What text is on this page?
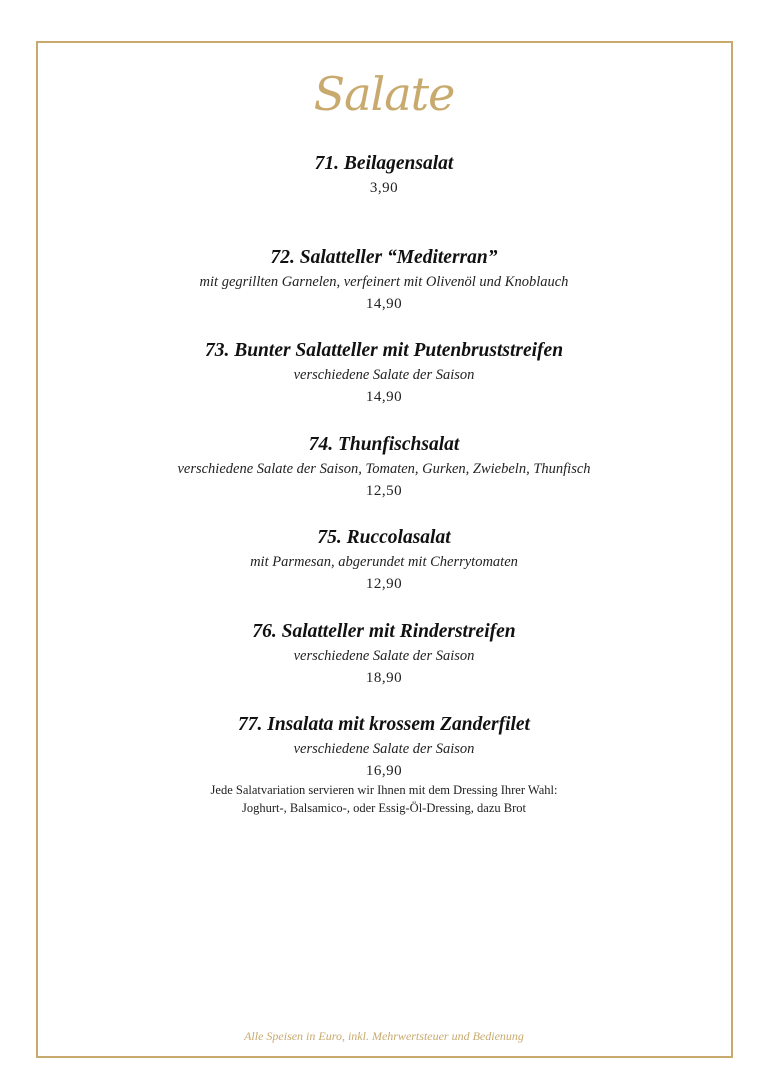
Salate
71. Beilagensalat
3,90
72. Salatteller “Mediterran”
mit gegrillten Garnelen, verfeinert mit Olivenöl und Knoblauch
14,90
73. Bunter Salatteller mit Putenbruststreifen
verschiedene Salate der Saison
14,90
74. Thunfischsalat
verschiedene Salate der Saison, Tomaten, Gurken, Zwiebeln, Thunfisch
12,50
75. Ruccolasalat
mit Parmesan, abgerundet mit Cherrytomaten
12,90
76. Salatteller mit Rinderstreifen
verschiedene Salate der Saison
18,90
77. Insalata mit krossem Zanderfilet
verschiedene Salate der Saison
16,90
Jede Salatvariation servieren wir Ihnen mit dem Dressing Ihrer Wahl:
Joghurt-, Balsamico-, oder Essig-Öl-Dressing, dazu Brot
Alle Speisen in Euro, inkl. Mehrwertsteuer und Bedienung
